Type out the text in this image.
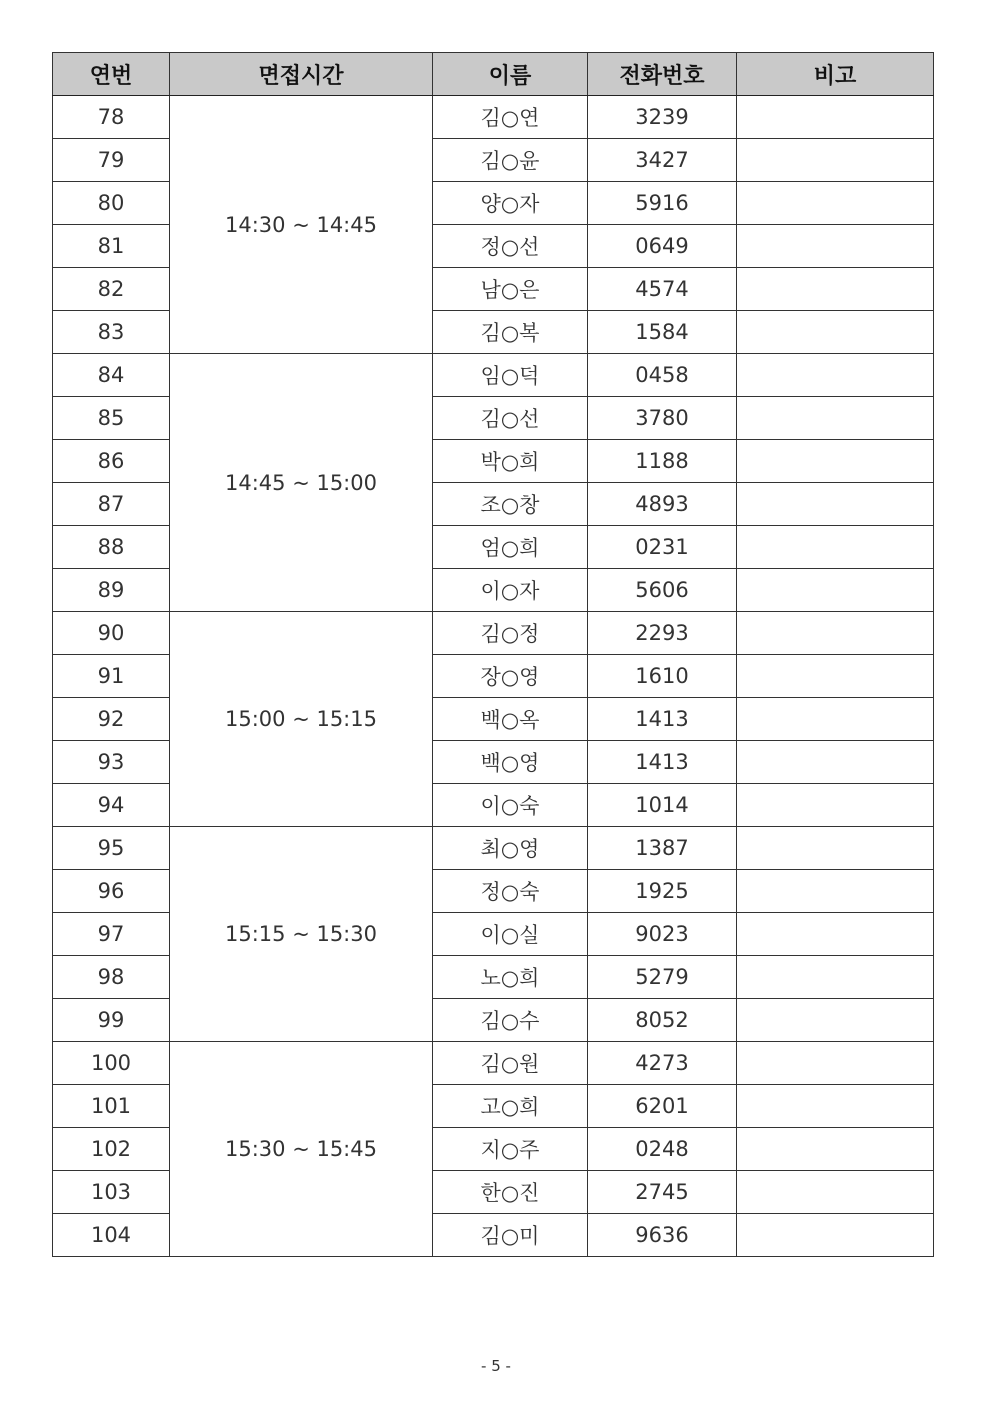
연번	면접시간	이름	전화번호	비고
78	14:30 ~ 14:45	김○연	3239	
79		김○윤	3427	
80		양○자	5916	
81		정○선	0649	
82		남○은	4574	
83		김○복	1584	
84	14:45 ~ 15:00	임○덕	0458	
85		김○선	3780	
86		박○희	1188	
87		조○창	4893	
88		엄○희	0231	
89		이○자	5606	
90	15:00 ~ 15:15	김○정	2293	
91		장○영	1610	
92		백○옥	1413	
93		백○영	1413	
94		이○숙	1014	
95	15:15 ~ 15:30	최○영	1387	
96		정○숙	1925	
97		이○실	9023	
98		노○희	5279	
99		김○수	8052	
100	15:30 ~ 15:45	김○원	4273	
101		고○희	6201	
102		지○주	0248	
103		한○진	2745	
104		김○미	9636	
- 5 -
